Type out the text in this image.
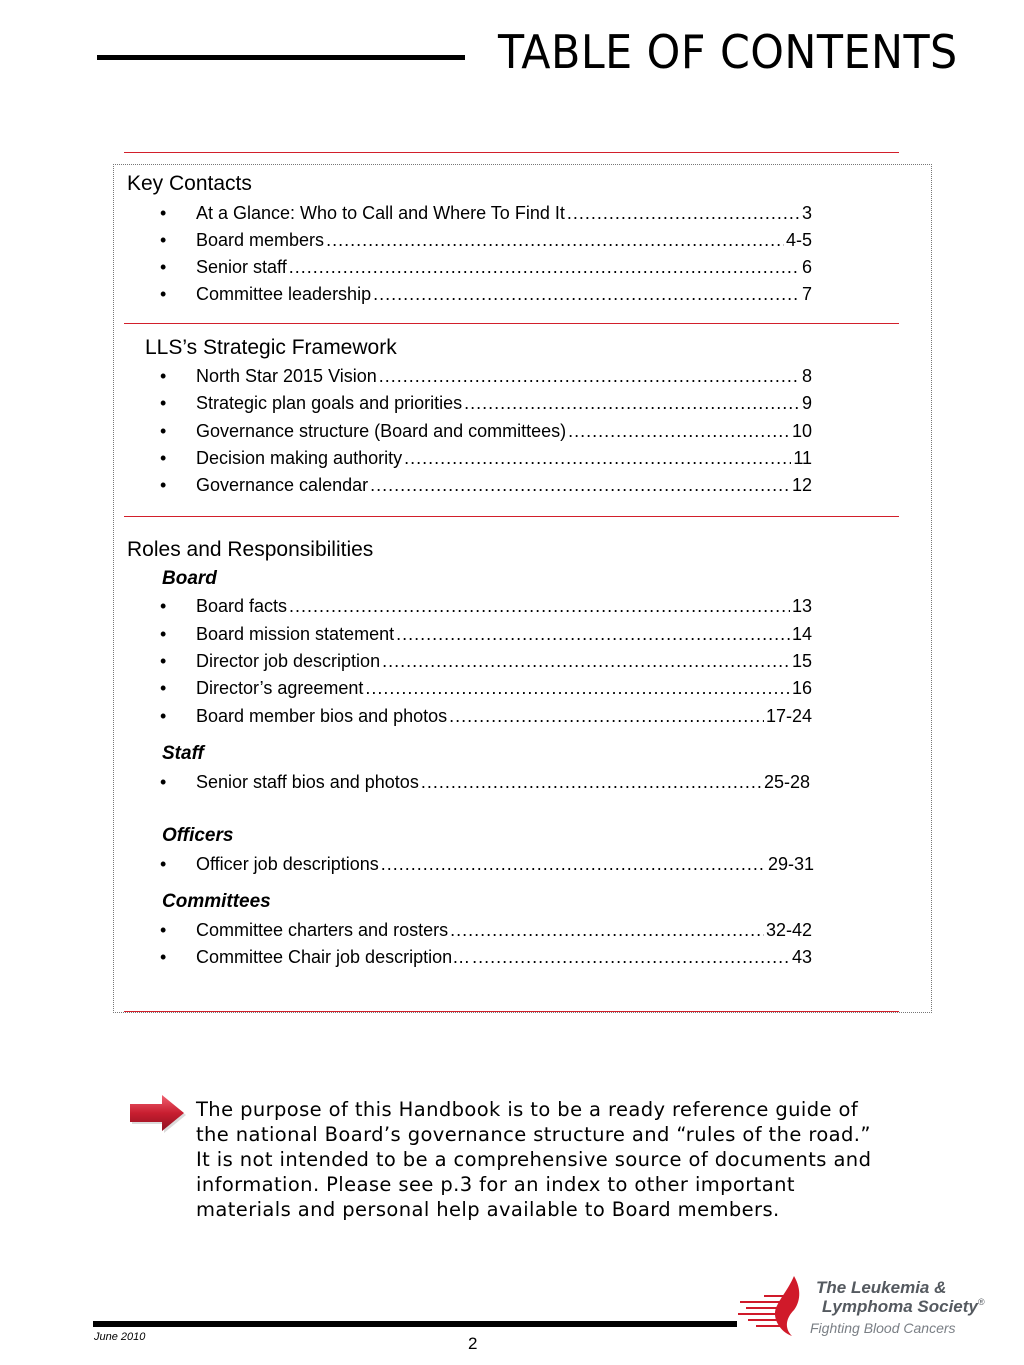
TABLE OF CONTENTS
Key Contacts
•	At a Glance: Who to Call and Where To Find It .....	3
•	Board members .....	4-5
•	Senior staff .....	6
•	Committee leadership .....	7
LLS’s Strategic Framework
•	North Star 2015 Vision .....	8
•	Strategic plan goals and priorities .....	9
•	Governance structure (Board and committees) .....	10
•	Decision making authority .....	11
•	Governance calendar .....	12
Roles and Responsibilities
Board
•	Board facts .....	13
•	Board mission statement .....	14
•	Director job description .....	15
•	Director’s agreement .....	16
•	Board member bios and photos .....	17-24
Staff
•	Senior staff bios and photos .....	25-28
Officers
•	Officer job descriptions .....	29-31
Committees
•	Committee charters and rosters .....	32-42
•	Committee Chair job description… .....	43
The purpose of this Handbook is to be a ready reference guide of the national Board’s governance structure and “rules of the road.” It is not intended to be a comprehensive source of documents and information. Please see p.3 for an index to other important materials and personal help available to Board members.
June 2010	2
The Leukemia &
Lymphoma Society®
Fighting Blood Cancers
